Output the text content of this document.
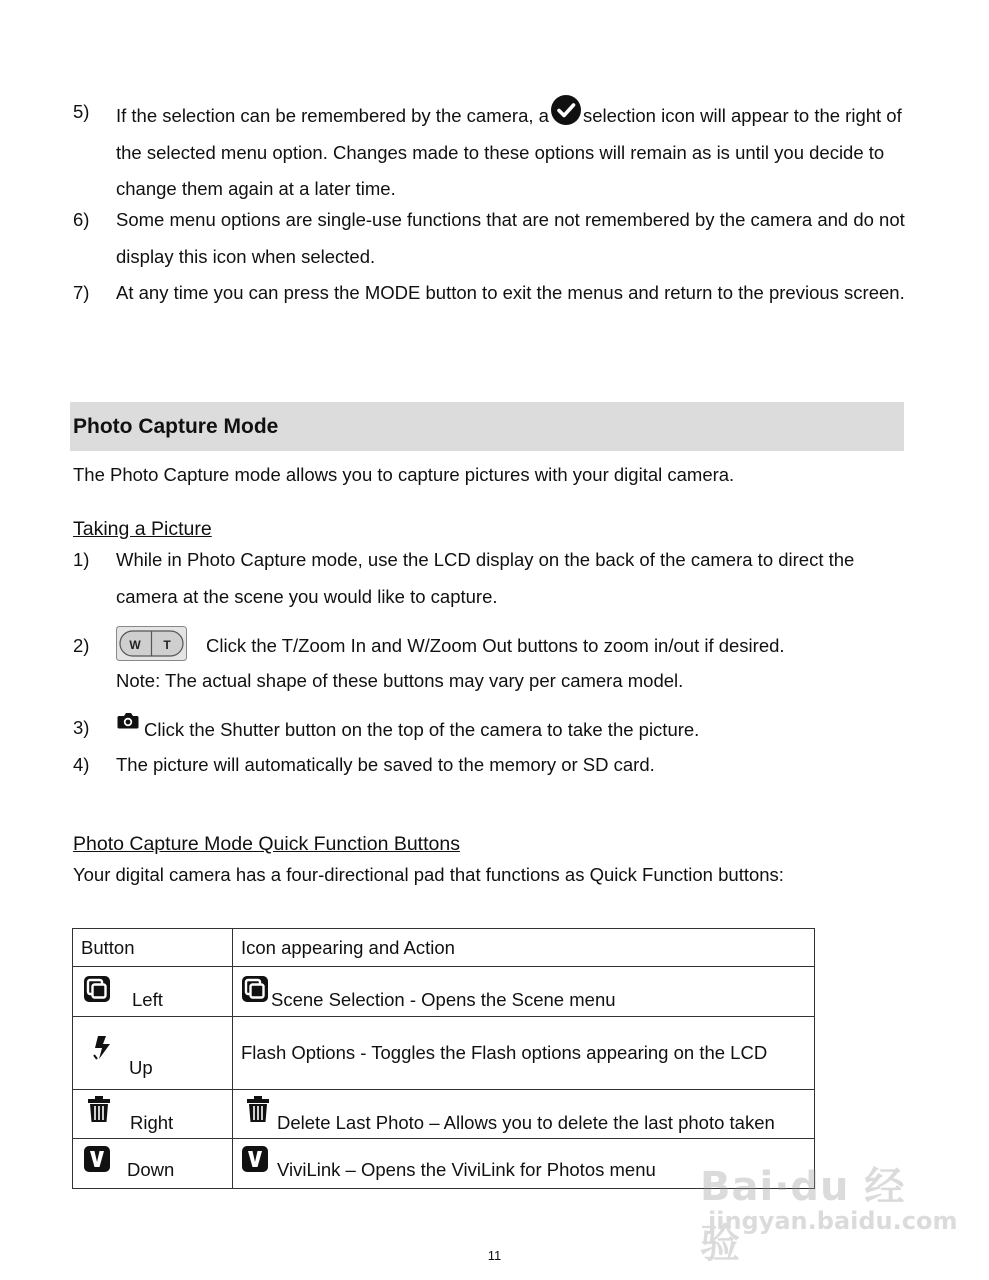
5) If the selection can be remembered by the camera, a selection icon will appear to the right of the selected menu option. Changes made to these options will remain as is until you decide to change them again at a later time.
6) Some menu options are single-use functions that are not remembered by the camera and do not display this icon when selected.
7) At any time you can press the MODE button to exit the menus and return to the previous screen.
Photo Capture Mode
The Photo Capture mode allows you to capture pictures with your digital camera.
Taking a Picture
1) While in Photo Capture mode, use the LCD display on the back of the camera to direct the camera at the scene you would like to capture.
2)	W T Click the T/Zoom In and W/Zoom Out buttons to zoom in/out if desired.
Note: The actual shape of these buttons may vary per camera model.
3)	Click the Shutter button on the top of the camera to take the picture.
4) The picture will automatically be saved to the memory or SD card.
Photo Capture Mode Quick Function Buttons
Your digital camera has a four-directional pad that functions as Quick Function buttons:
Button	Icon appearing and Action

Left	Scene Selection - Opens the Scene menu

Up	Flash Options - Toggles the Flash options appearing on the LCD

Right	Delete Last Photo – Allows you to delete the last photo taken

Down	ViviLink – Opens the ViviLink for Photos menu Bai·du 经验
jingyan.baidu.com
11
